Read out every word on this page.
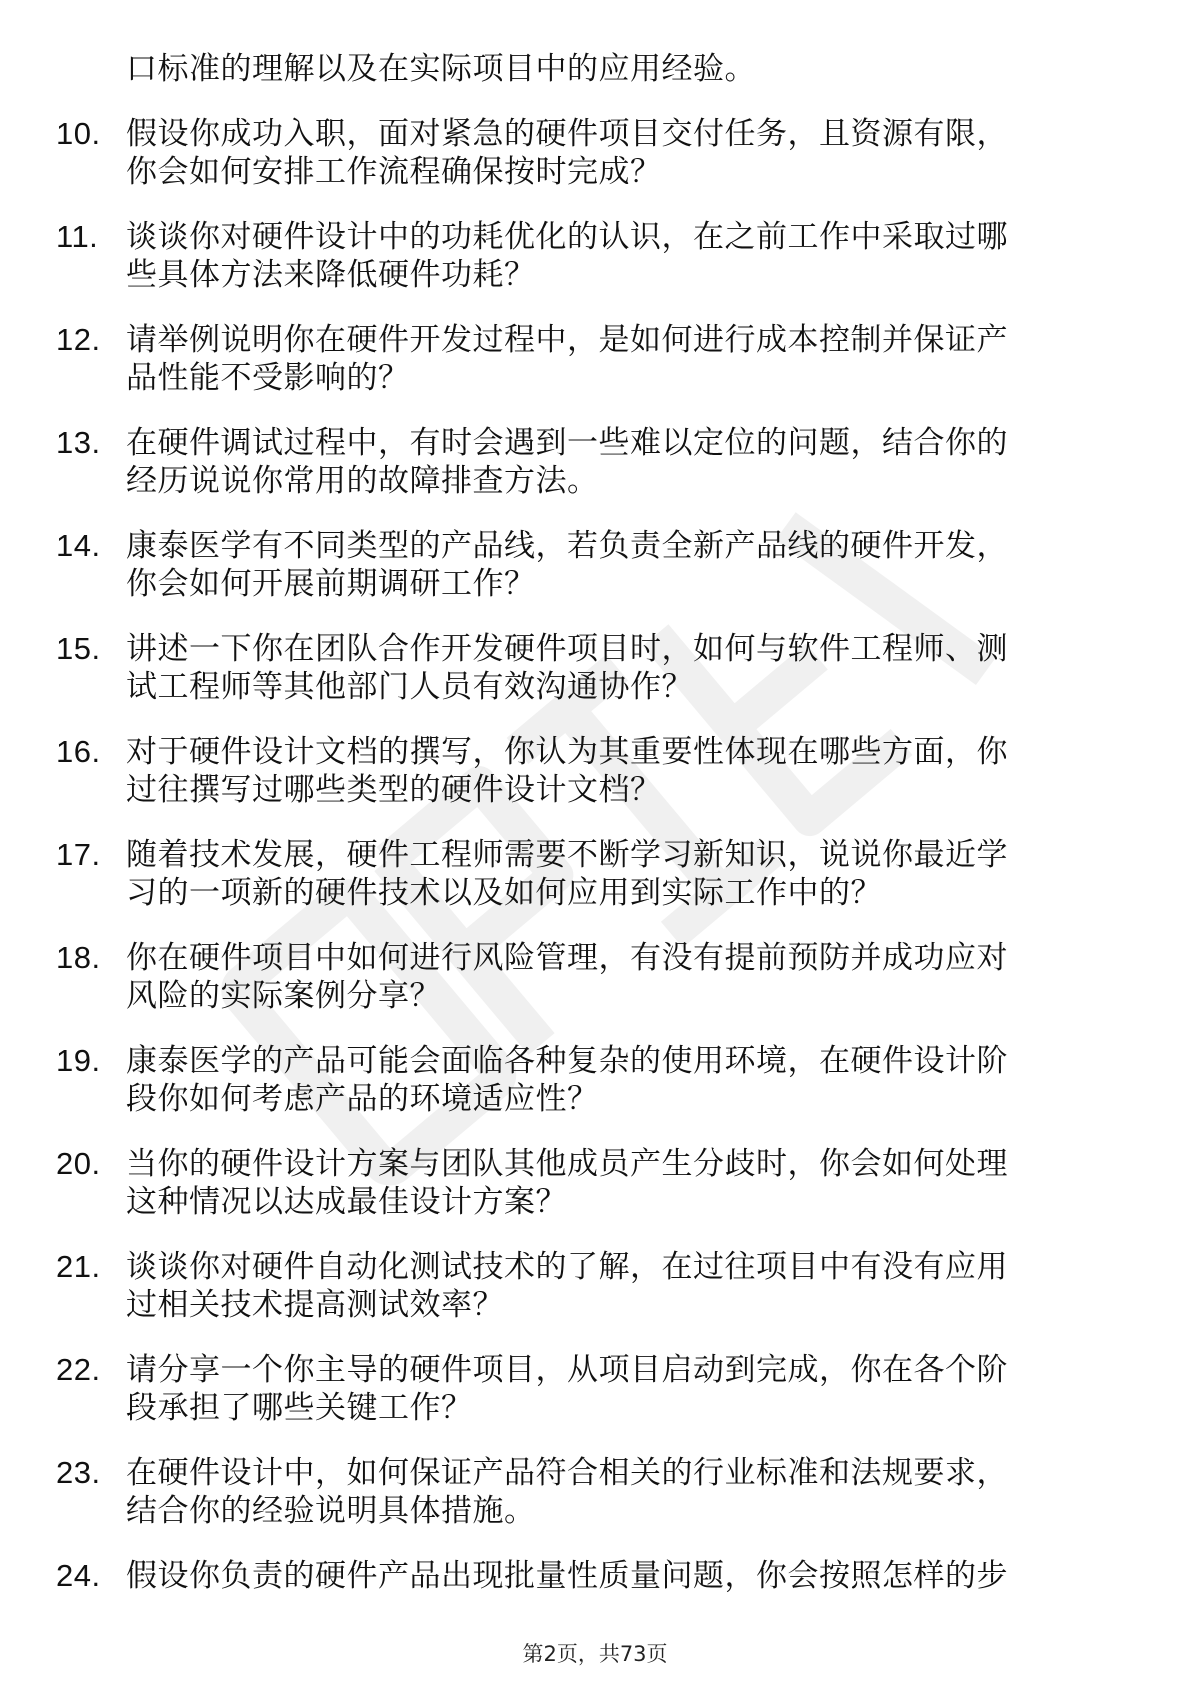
口标准的理解以及在实际项目中的应用经验。
10. 假设你成功入职，面对紧急的硬件项目交付任务，且资源有限，
你会如何安排工作流程确保按时完成？
11. 谈谈你对硬件设计中的功耗优化的认识，在之前工作中采取过哪
些具体方法来降低硬件功耗？
12. 请举例说明你在硬件开发过程中，是如何进行成本控制并保证产
品性能不受影响的？
13. 在硬件调试过程中，有时会遇到一些难以定位的问题，结合你的
经历说说你常用的故障排查方法。
14. 康泰医学有不同类型的产品线，若负责全新产品线的硬件开发，
你会如何开展前期调研工作？
15. 讲述一下你在团队合作开发硬件项目时，如何与软件工程师、测
试工程师等其他部门人员有效沟通协作？
16. 对于硬件设计文档的撰写，你认为其重要性体现在哪些方面，你
过往撰写过哪些类型的硬件设计文档？
17. 随着技术发展，硬件工程师需要不断学习新知识，说说你最近学
习的一项新的硬件技术以及如何应用到实际工作中的？
18. 你在硬件项目中如何进行风险管理，有没有提前预防并成功应对
风险的实际案例分享？
19. 康泰医学的产品可能会面临各种复杂的使用环境，在硬件设计阶
段你如何考虑产品的环境适应性？
20. 当你的硬件设计方案与团队其他成员产生分歧时，你会如何处理
这种情况以达成最佳设计方案？
21. 谈谈你对硬件自动化测试技术的了解，在过往项目中有没有应用
过相关技术提高测试效率？
22. 请分享一个你主导的硬件项目，从项目启动到完成，你在各个阶
段承担了哪些关键工作？
23. 在硬件设计中，如何保证产品符合相关的行业标准和法规要求，
结合你的经验说明具体措施。
24. 假设你负责的硬件产品出现批量性质量问题，你会按照怎样的步
第2页，共73页
